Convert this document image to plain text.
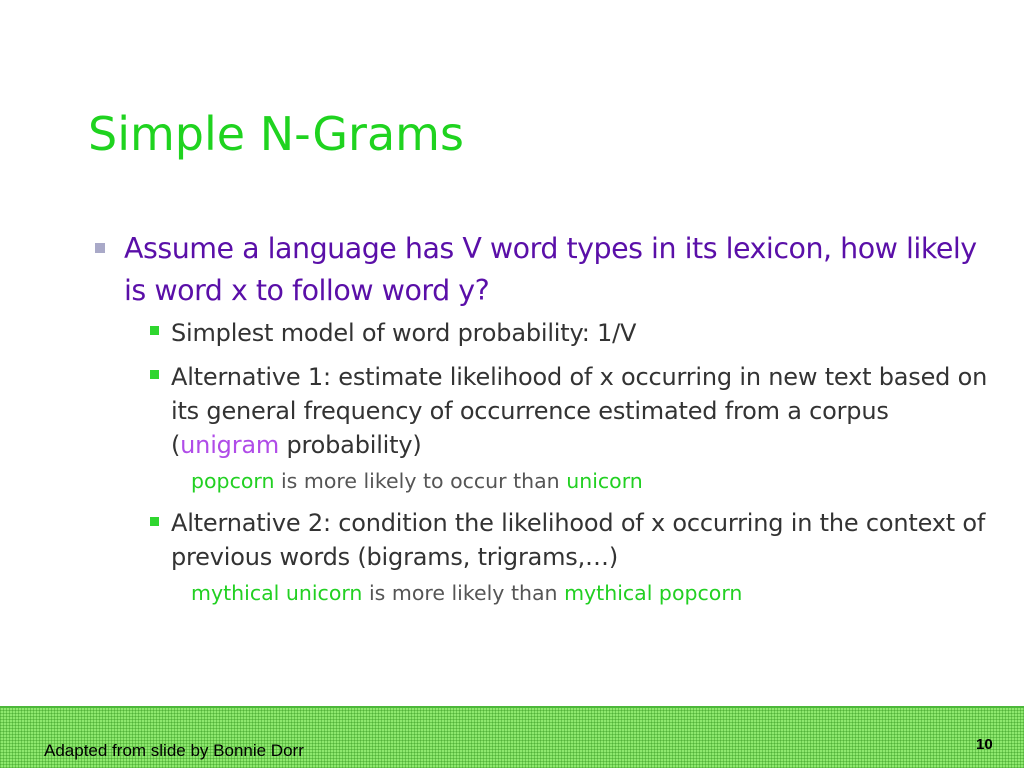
Simple N-Grams
Assume a language has V word types in its lexicon, how likely is word x to follow word y?
Simplest model of word probability: 1/V
Alternative 1: estimate likelihood of x occurring in new text based on its general frequency of occurrence estimated from a corpus (unigram probability)
popcorn is more likely to occur than unicorn
Alternative 2: condition the likelihood of x occurring in the context of previous words (bigrams, trigrams,…)
mythical unicorn is more likely than mythical popcorn
Adapted from slide by Bonnie Dorr	10
